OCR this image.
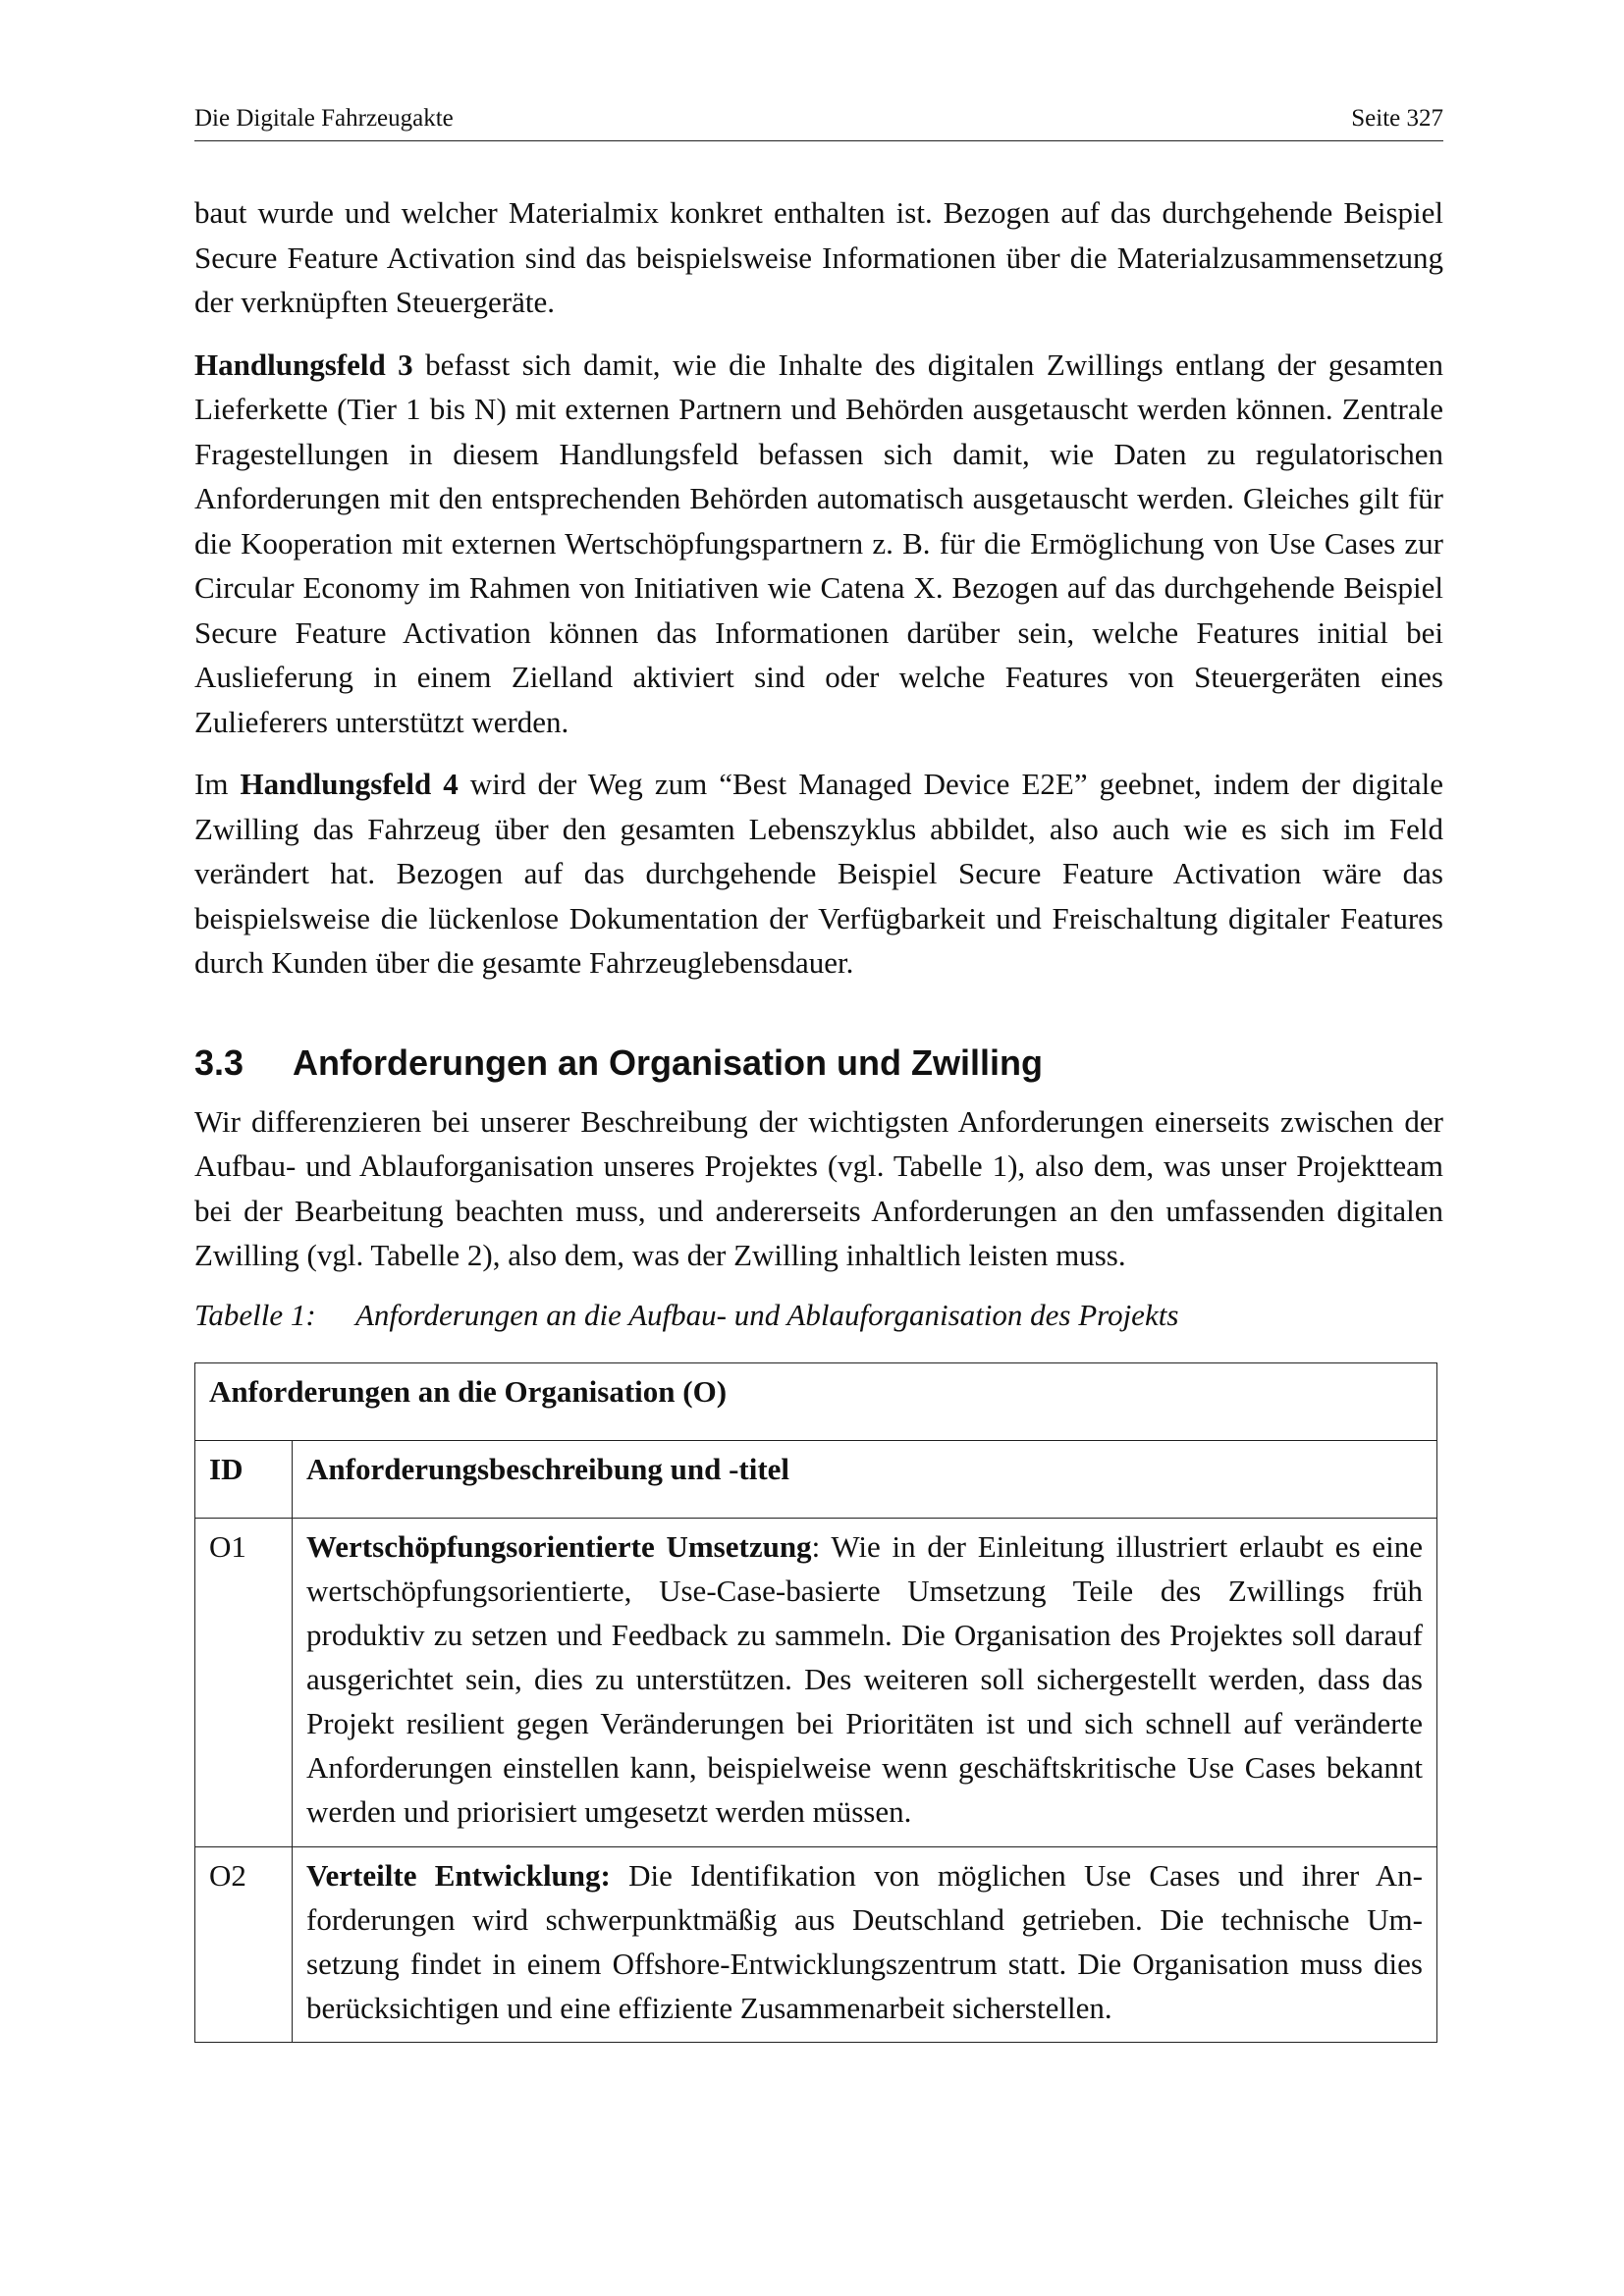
Die Digitale Fahrzeugakte	Seite 327

baut wurde und welcher Materialmix konkret enthalten ist. Bezogen auf das durchgehende Beispiel Secure Feature Activation sind das beispielsweise Informationen über die Materialzusammensetzung der verknüpften Steuergeräte.

Handlungsfeld 3 befasst sich damit, wie die Inhalte des digitalen Zwillings entlang der gesamten Lieferkette (Tier 1 bis N) mit externen Partnern und Behörden ausgetauscht werden können. Zentrale Fragestellungen in diesem Handlungsfeld befassen sich damit, wie Daten zu regulatorischen Anforderungen mit den entsprechenden Behörden automatisch ausgetauscht werden. Gleiches gilt für die Kooperation mit externen Wertschöpfungspartnern z. B. für die Ermöglichung von Use Cases zur Circular Economy im Rahmen von Initiativen wie Catena X. Bezogen auf das durchgehende Beispiel Secure Feature Activation können das Informationen darüber sein, welche Features initial bei Auslieferung in einem Zielland aktiviert sind oder welche Features von Steuergeräten eines Zulieferers unterstützt werden.

Im Handlungsfeld 4 wird der Weg zum “Best Managed Device E2E” geebnet, indem der digitale Zwilling das Fahrzeug über den gesamten Lebenszyklus abbildet, also auch wie es sich im Feld verändert hat. Bezogen auf das durchgehende Beispiel Secure Feature Activation wäre das beispielsweise die lückenlose Dokumentation der Verfügbarkeit und Freischaltung digitaler Features durch Kunden über die gesamte Fahrzeuglebensdauer.

3.3	Anforderungen an Organisation und Zwilling

Wir differenzieren bei unserer Beschreibung der wichtigsten Anforderungen einerseits zwischen der Aufbau- und Ablauforganisation unseres Projektes (vgl. Tabelle 1), also dem, was unser Projektteam bei der Bearbeitung beachten muss, und andererseits Anforderungen an den umfassenden digitalen Zwilling (vgl. Tabelle 2), also dem, was der Zwilling inhaltlich leisten muss.

Tabelle 1:	Anforderungen an die Aufbau- und Ablauforganisation des Projekts
Anforderungen an die Organisation (O)	
ID	Anforderungsbeschreibung und -titel
O1	Wertschöpfungsorientierte Umsetzung: Wie in der Einleitung illustriert erlaubt es eine wertschöpfungsorientierte, Use-Case-basierte Umsetzung Teile des Zwillings früh produktiv zu setzen und Feedback zu sammeln. Die Organisation des Projektes soll darauf ausgerichtet sein, dies zu unterstützen. Des weiteren soll sichergestellt werden, dass das Projekt resilient gegen Veränderungen bei Prioritäten ist und sich schnell auf veränderte Anforderungen einstellen kann, beispielweise wenn geschäftskritische Use Cases bekannt werden und priorisiert umgesetzt werden müssen.
O2	Verteilte Entwicklung: Die Identifikation von möglichen Use Cases und ihrer Anforderungen wird schwerpunktmäßig aus Deutschland getrieben. Die technische Umsetzung findet in einem Offshore-Entwicklungszentrum statt. Die Organisation muss dies berücksichtigen und eine effiziente Zusammenarbeit sicherstellen.
